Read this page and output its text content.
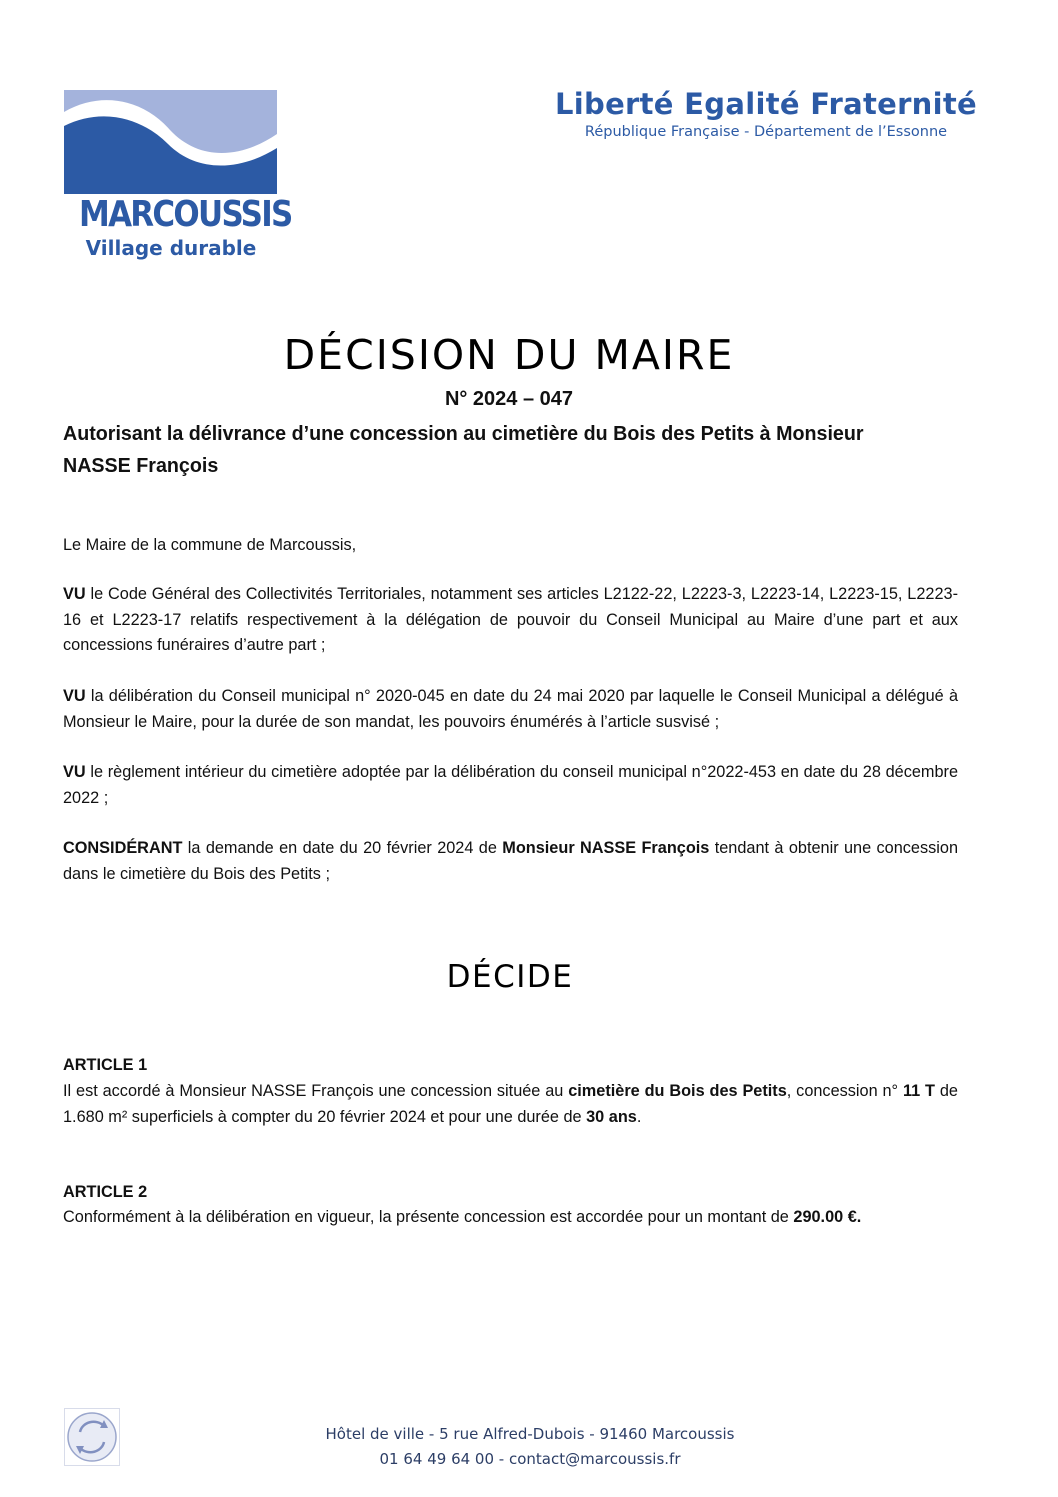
MARCOUSSIS
Village durable
Liberté Egalité Fraternité
République Française - Département de l’Essonne
DÉCISION DU MAIRE
N° 2024 – 047
Autorisant la délivrance d’une concession au cimetière du Bois des Petits à Monsieur NASSE François
Le Maire de la commune de Marcoussis,
VU le Code Général des Collectivités Territoriales, notamment ses articles L2122-22, L2223-3, L2223-14, L2223-15, L2223-16 et L2223-17 relatifs respectivement à la délégation de pouvoir du Conseil Municipal au Maire d’une part et aux concessions funéraires d’autre part ;
VU la délibération du Conseil municipal n° 2020-045 en date du 24 mai 2020 par laquelle le Conseil Municipal a délégué à Monsieur le Maire, pour la durée de son mandat, les pouvoirs énumérés à l’article susvisé ;
VU le règlement intérieur du cimetière adoptée par la délibération du conseil municipal n°2022-453 en date du 28 décembre 2022 ;
CONSIDÉRANT la demande en date du 20 février 2024 de Monsieur NASSE François tendant à obtenir une concession dans le cimetière du Bois des Petits ;
DÉCIDE
ARTICLE 1
Il est accordé à Monsieur NASSE François une concession située au cimetière du Bois des Petits, concession n° 11 T de 1.680 m² superficiels à compter du 20 février 2024 et pour une durée de 30 ans.
ARTICLE 2
Conformément à la délibération en vigueur, la présente concession est accordée pour un montant de 290.00 €.
Hôtel de ville - 5 rue Alfred-Dubois - 91460 Marcoussis
01 64 49 64 00 - contact@marcoussis.fr
